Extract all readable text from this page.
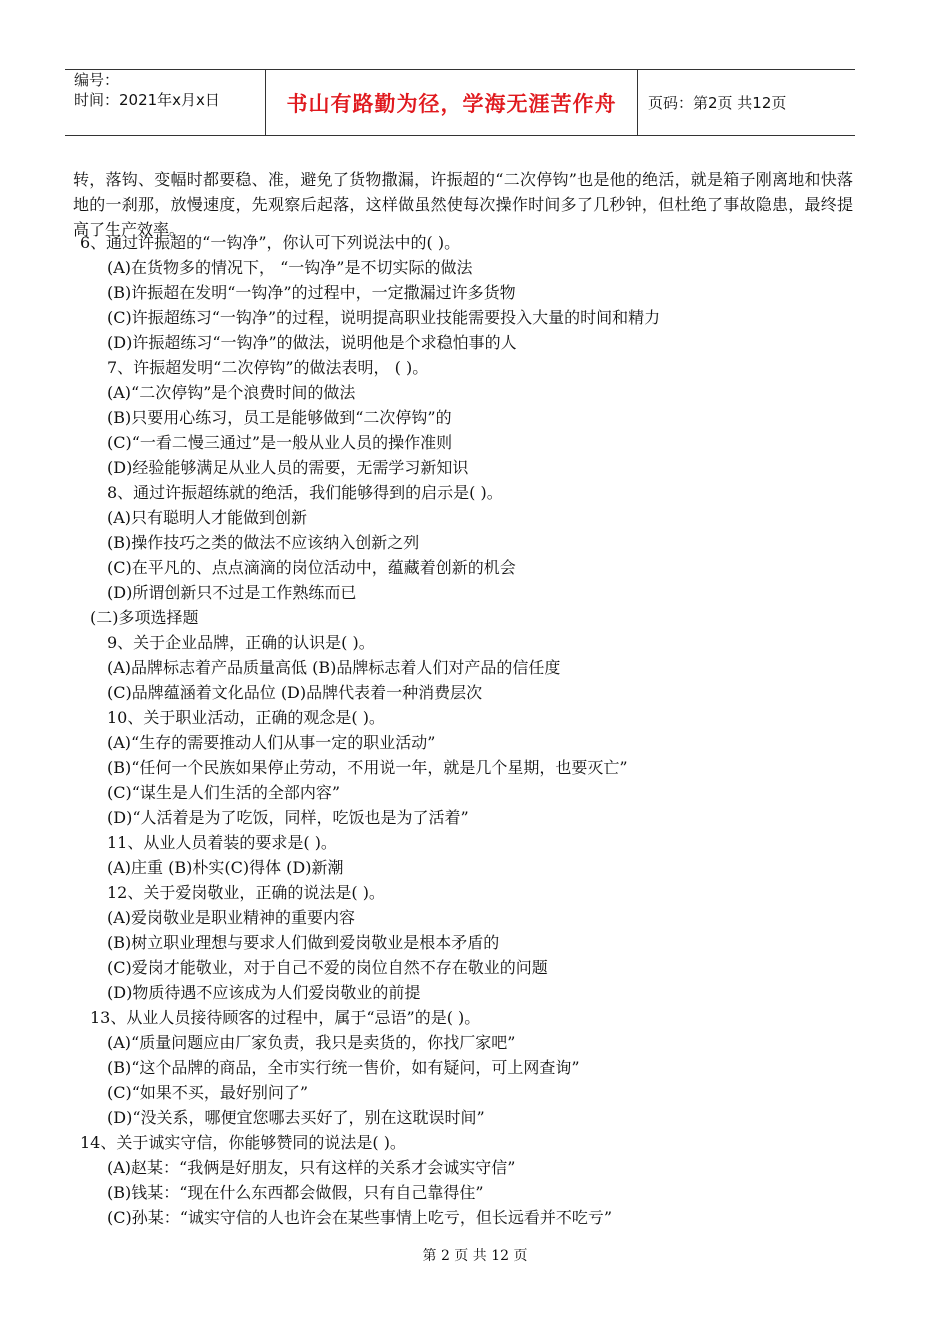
编号：
时间：2021年x月x日	书山有路勤为径，学海无涯苦作舟	页码：第2页 共12页
转，落钩、变幅时都要稳、准，避免了货物撒漏，许振超的“二次停钩”也是他的绝活，就是箱子刚离地和快落地的一刹那，放慢速度，先观察后起落，这样做虽然使每次操作时间多了几秒钟，但杜绝了事故隐患，最终提高了生产效率。
6、通过许振超的“一钩净”，你认可下列说法中的( )。
(A)在货物多的情况下， “一钩净”是不切实际的做法
(B)许振超在发明“一钩净”的过程中，一定撒漏过许多货物
(C)许振超练习“一钩净”的过程，说明提高职业技能需要投入大量的时间和精力
(D)许振超练习“一钩净”的做法，说明他是个求稳怕事的人
7、许振超发明“二次停钩”的做法表明， ( )。
(A)“二次停钩”是个浪费时间的做法
(B)只要用心练习，员工是能够做到“二次停钩”的
(C)“一看二慢三通过”是一般从业人员的操作准则
(D)经验能够满足从业人员的需要，无需学习新知识
8、通过许振超练就的绝活，我们能够得到的启示是( )。
(A)只有聪明人才能做到创新
(B)操作技巧之类的做法不应该纳入创新之列
(C)在平凡的、点点滴滴的岗位活动中，蕴藏着创新的机会
(D)所谓创新只不过是工作熟练而已
(二)多项选择题
9、关于企业品牌，正确的认识是( )。
(A)品牌标志着产品质量高低 (B)品牌标志着人们对产品的信任度
(C)品牌蕴涵着文化品位 (D)品牌代表着一种消费层次
10、关于职业活动，正确的观念是( )。
(A)“生存的需要推动人们从事一定的职业活动”
(B)“任何一个民族如果停止劳动，不用说一年，就是几个星期，也要灭亡”
(C)“谋生是人们生活的全部内容”
(D)“人活着是为了吃饭，同样，吃饭也是为了活着”
11、从业人员着装的要求是( )。
(A)庄重 (B)朴实(C)得体 (D)新潮
12、关于爱岗敬业，正确的说法是( )。
(A)爱岗敬业是职业精神的重要内容
(B)树立职业理想与要求人们做到爱岗敬业是根本矛盾的
(C)爱岗才能敬业，对于自己不爱的岗位自然不存在敬业的问题
(D)物质待遇不应该成为人们爱岗敬业的前提
13、从业人员接待顾客的过程中，属于“忌语”的是( )。
(A)“质量问题应由厂家负责，我只是卖货的，你找厂家吧”
(B)“这个品牌的商品，全市实行统一售价，如有疑问，可上网查询”
(C)“如果不买，最好别问了”
(D)“没关系，哪便宜您哪去买好了，别在这耽误时间”
14、关于诚实守信，你能够赞同的说法是( )。
(A)赵某：“我俩是好朋友，只有这样的关系才会诚实守信”
(B)钱某：“现在什么东西都会做假，只有自己靠得住”
(C)孙某：“诚实守信的人也许会在某些事情上吃亏，但长远看并不吃亏”
第 2 页 共 12 页
